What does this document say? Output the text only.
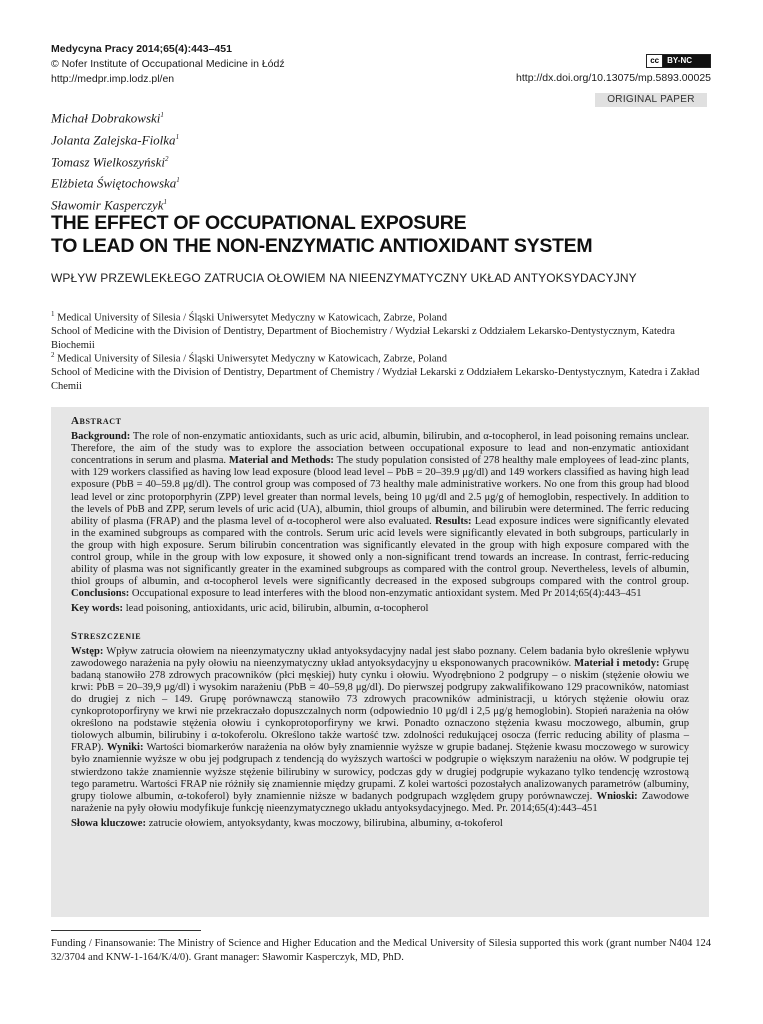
Medycyna Pracy 2014;65(4):443–451
© Nofer Institute of Occupational Medicine in Łódź
http://medpr.imp.lodz.pl/en
cc	BY-NC
http://dx.doi.org/10.13075/mp.5893.00025
ORIGINAL PAPER
Michał Dobrakowski$^1$
Jolanta Zalejska-Fiolka$^1$
Tomasz Wielkoszyński$^2$
Elżbieta Świętochowska$^1$
Sławomir Kasperczyk$^1$
THE EFFECT OF OCCUPATIONAL EXPOSURE
TO LEAD ON THE NON-ENZYMATIC ANTIOXIDANT SYSTEM
WPŁYW PRZEWLEKŁEGO ZATRUCIA OŁOWIEM NA NIEENZYMATYCZNY UKŁAD ANTYOKSYDACYJNY
$^1$ Medical University of Silesia / Śląski Uniwersytet Medyczny w Katowicach, Zabrze, Poland
School of Medicine with the Division of Dentistry, Department of Biochemistry / Wydział Lekarski z Oddziałem Lekarsko-Dentystycznym, Katedra Biochemii
$^2$ Medical University of Silesia / Śląski Uniwersytet Medyczny w Katowicach, Zabrze, Poland
School of Medicine with the Division of Dentistry, Department of Chemistry / Wydział Lekarski z Oddziałem Lekarsko-Dentystycznym, Katedra i Zakład Chemii
Abstract
Background: The role of non-enzymatic antioxidants, such as uric acid, albumin, bilirubin, and α-tocopherol, in lead poisoning remains unclear. Therefore, the aim of the study was to explore the association between occupational exposure to lead and non-enzymatic antioxidant concentrations in serum and plasma. Material and Methods: The study population consisted of 278 healthy male employees of lead-zinc plants, with 129 workers classified as having low lead exposure (blood lead level – PbB = 20–39.9 μg/dl) and 149 workers classified as having high lead exposure (PbB = 40–59.8 μg/dl). The control group was composed of 73 healthy male administrative workers. No one from this group had blood lead level or zinc protoporphyrin (ZPP) level greater than normal levels, being 10 μg/dl and 2.5 μg/g of hemoglobin, respectively. In addition to the levels of PbB and ZPP, serum levels of uric acid (UA), albumin, thiol groups of albumin, and bilirubin were determined. The ferric reducing ability of plasma (FRAP) and the plasma level of α-tocopherol were also evaluated. Results: Lead exposure indices were significantly elevated in the examined subgroups as compared with the controls. Serum uric acid levels were significantly elevated in both subgroups, particularly in the group with high exposure. Serum bilirubin concentration was significantly elevated in the group with high exposure compared with the control group, while in the group with low exposure, it showed only a non-significant trend towards an increase. In contrast, ferric-reducing ability of plasma was not significantly greater in the examined subgroups as compared with the control group. Nevertheless, levels of albumin, thiol groups of albumin, and α-tocopherol levels were significantly decreased in the exposed subgroups compared with the control group. Conclusions: Occupational exposure to lead interferes with the blood non-enzymatic antioxidant system. Med Pr 2014;65(4):443–451
Key words: lead poisoning, antioxidants, uric acid, bilirubin, albumin, α-tocopherol
Streszczenie
Wstęp: Wpływ zatrucia ołowiem na nieenzymatyczny układ antyoksydacyjny nadal jest słabo poznany. Celem badania było określenie wpływu zawodowego narażenia na pyły ołowiu na nieenzymatyczny układ antyoksydacyjny u eksponowanych pracowników. Materiał i metody: Grupę badaną stanowiło 278 zdrowych pracowników (płci męskiej) huty cynku i ołowiu. Wyodrębniono 2 podgrupy – o niskim (stężenie ołowiu we krwi: PbB = 20–39,9 μg/dl) i wysokim narażeniu (PbB = 40–59,8 μg/dl). Do pierwszej podgrupy zakwalifikowano 129 pracowników, natomiast do drugiej z nich – 149. Grupę porównawczą stanowiło 73 zdrowych pracowników administracji, u których stężenie ołowiu oraz cynkoprotoporfiryny we krwi nie przekraczało dopuszczalnych norm (odpowiednio 10 μg/dl i 2,5 μg/g hemoglobin). Stopień narażenia na ołów określono na podstawie stężenia ołowiu i cynkoprotoporfiryny we krwi. Ponadto oznaczono stężenia kwasu moczowego, albumin, grup tiolowych albumin, bilirubiny i α-tokoferolu. Określono także wartość tzw. zdolności redukującej osocza (ferric reducing ability of plasma – FRAP). Wyniki: Wartości biomarkerów narażenia na ołów były znamiennie wyższe w grupie badanej. Stężenie kwasu moczowego w surowicy było znamiennie wyższe w obu jej podgrupach z tendencją do wyższych wartości w podgrupie o większym narażeniu na ołów. W podgrupie tej stwierdzono także znamiennie wyższe stężenie bilirubiny w surowicy, podczas gdy w drugiej podgrupie wykazano tylko tendencję wzrostową tego parametru. Wartości FRAP nie różniły się znamiennie między grupami. Z kolei wartości pozostałych analizowanych parametrów (albuminy, grupy tiolowe albumin, α-tokoferol) były znamiennie niższe w badanych podgrupach względem grupy porównawczej. Wnioski: Zawodowe narażenie na pyły ołowiu modyfikuje funkcję nieenzymatycznego układu antyoksydacyjnego. Med. Pr. 2014;65(4):443–451
Słowa kluczowe: zatrucie ołowiem, antyoksydanty, kwas moczowy, bilirubina, albuminy, α-tokoferol
Funding / Finansowanie: The Ministry of Science and Higher Education and the Medical University of Silesia supported this work (grant number N404 124 32/3704 and KNW-1-164/K/4/0). Grant manager: Sławomir Kasperczyk, MD, PhD.
